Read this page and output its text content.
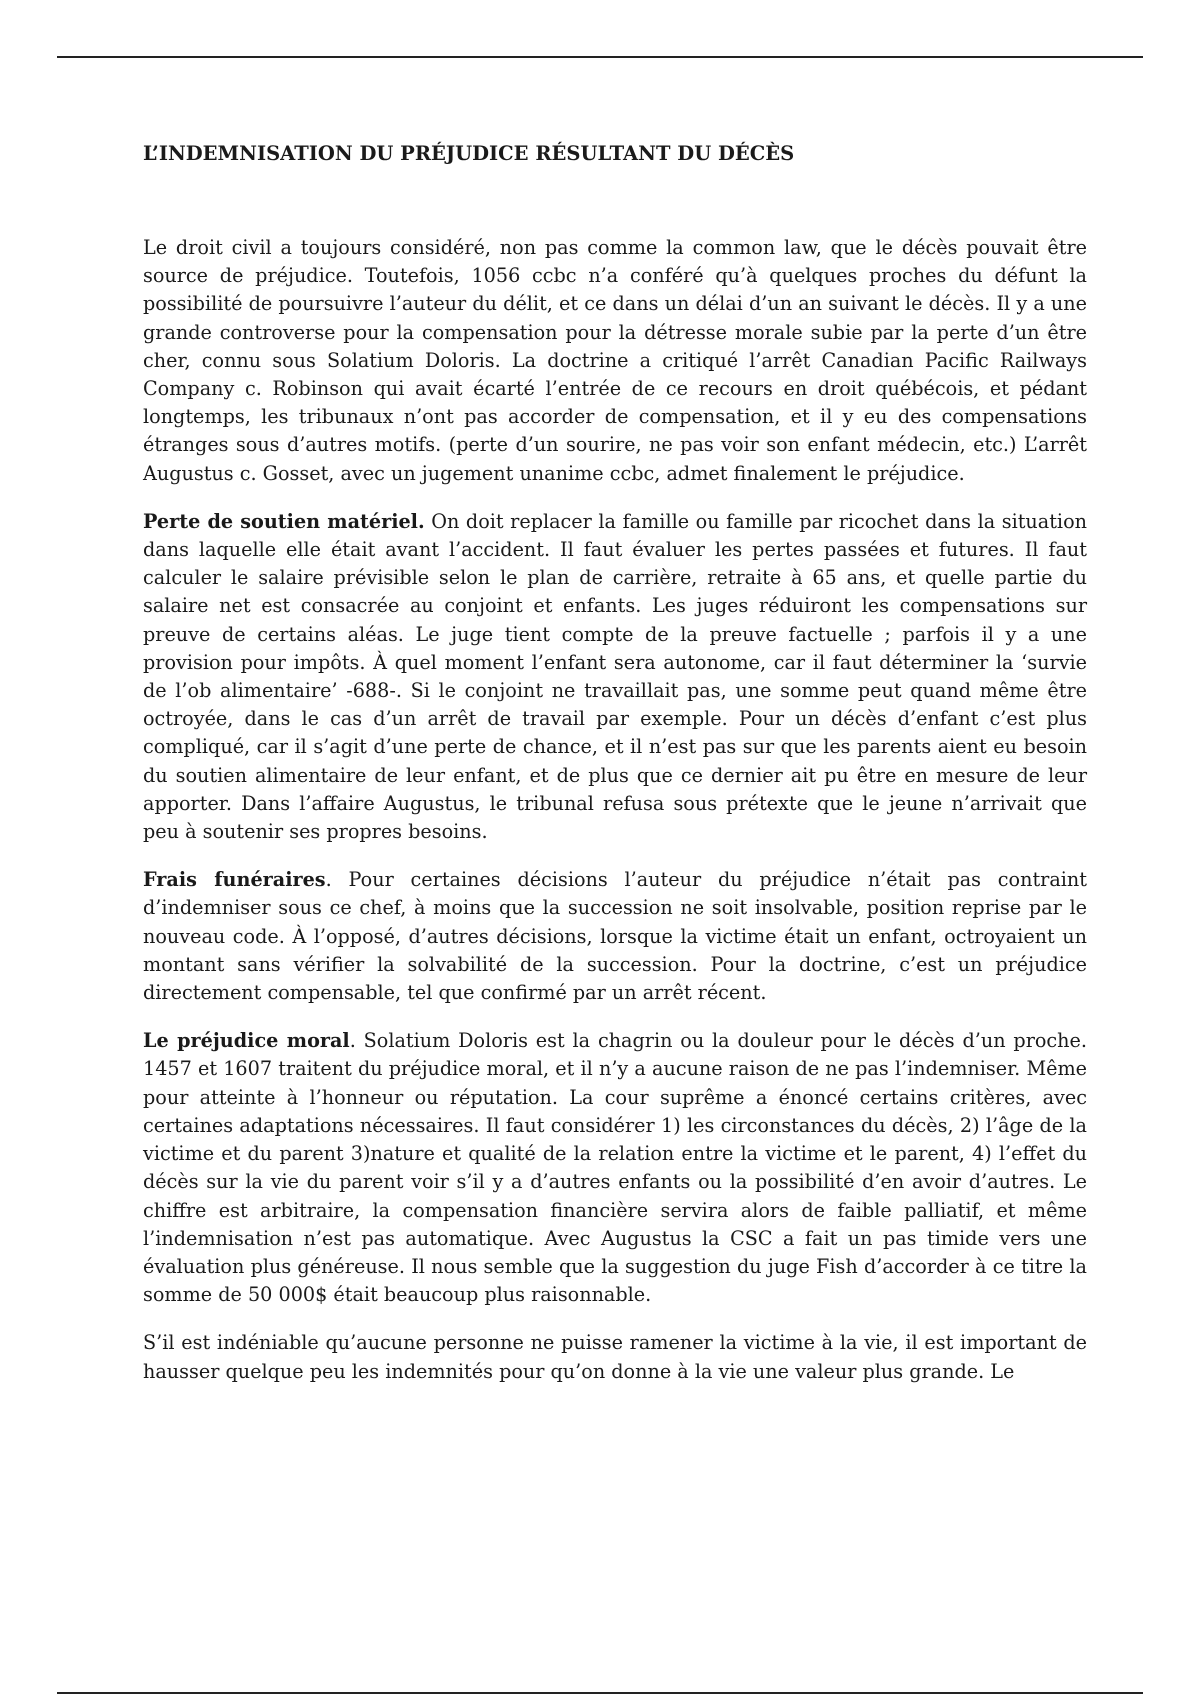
L’INDEMNISATION DU PRÉJUDICE RÉSULTANT DU DÉCÈS

Le droit civil a toujours considéré, non pas comme la common law, que le décès pouvait être source de préjudice. Toutefois, 1056 ccbc n’a conféré qu’à quelques proches du défunt la possibilité de poursuivre l’auteur du délit, et ce dans un délai d’un an suivant le décès. Il y a une grande controverse pour la compensation pour la détresse morale subie par la perte d’un être cher, connu sous Solatium Doloris. La doctrine a critiqué l’arrêt Canadian Pacific Railways Company c. Robinson qui avait écarté l’entrée de ce recours en droit québécois, et pédant longtemps, les tribunaux n’ont pas accorder de compensation, et il y eu des compensations étranges sous d’autres motifs. (perte d’un sourire, ne pas voir son enfant médecin, etc.) L’arrêt Augustus c. Gosset, avec un jugement unanime ccbc, admet finalement le préjudice.

Perte de soutien matériel. On doit replacer la famille ou famille par ricochet dans la situation dans laquelle elle était avant l’accident. Il faut évaluer les pertes passées et futures. Il faut calculer le salaire prévisible selon le plan de carrière, retraite à 65 ans, et quelle partie du salaire net est consacrée au conjoint et enfants. Les juges réduiront les compensations sur preuve de certains aléas. Le juge tient compte de la preuve factuelle ; parfois il y a une provision pour impôts. À quel moment l’enfant sera autonome, car il faut déterminer la ‘survie de l’ob alimentaire’ -688-. Si le conjoint ne travaillait pas, une somme peut quand même être octroyée, dans le cas d’un arrêt de travail par exemple. Pour un décès d’enfant c’est plus compliqué, car il s’agit d’une perte de chance, et il n’est pas sur que les parents aient eu besoin du soutien alimentaire de leur enfant, et de plus que ce dernier ait pu être en mesure de leur apporter. Dans l’affaire Augustus, le tribunal refusa sous prétexte que le jeune n’arrivait que peu à soutenir ses propres besoins.

Frais funéraires. Pour certaines décisions l’auteur du préjudice n’était pas contraint d’indemniser sous ce chef, à moins que la succession ne soit insolvable, position reprise par le nouveau code. À l’opposé, d’autres décisions, lorsque la victime était un enfant, octroyaient un montant sans vérifier la solvabilité de la succession. Pour la doctrine, c’est un préjudice directement compensable, tel que confirmé par un arrêt récent.

Le préjudice moral. Solatium Doloris est la chagrin ou la douleur pour le décès d’un proche. 1457 et 1607 traitent du préjudice moral, et il n’y a aucune raison de ne pas l’indemniser. Même pour atteinte à l’honneur ou réputation. La cour suprême a énoncé certains critères, avec certaines adaptations nécessaires. Il faut considérer 1) les circonstances du décès, 2) l’âge de la victime et du parent 3)nature et qualité de la relation entre la victime et le parent, 4) l’effet du décès sur la vie du parent voir s’il y a d’autres enfants ou la possibilité d’en avoir d’autres. Le chiffre est arbitraire, la compensation financière servira alors de faible palliatif, et même l’indemnisation n’est pas automatique. Avec Augustus la CSC a fait un pas timide vers une évaluation plus généreuse. Il nous semble que la suggestion du juge Fish d’accorder à ce titre la somme de 50 000$ était beaucoup plus raisonnable.

S’il est indéniable qu’aucune personne ne puisse ramener la victime à la vie, il est important de hausser quelque peu les indemnités pour qu’on donne à la vie une valeur plus grande. Le
